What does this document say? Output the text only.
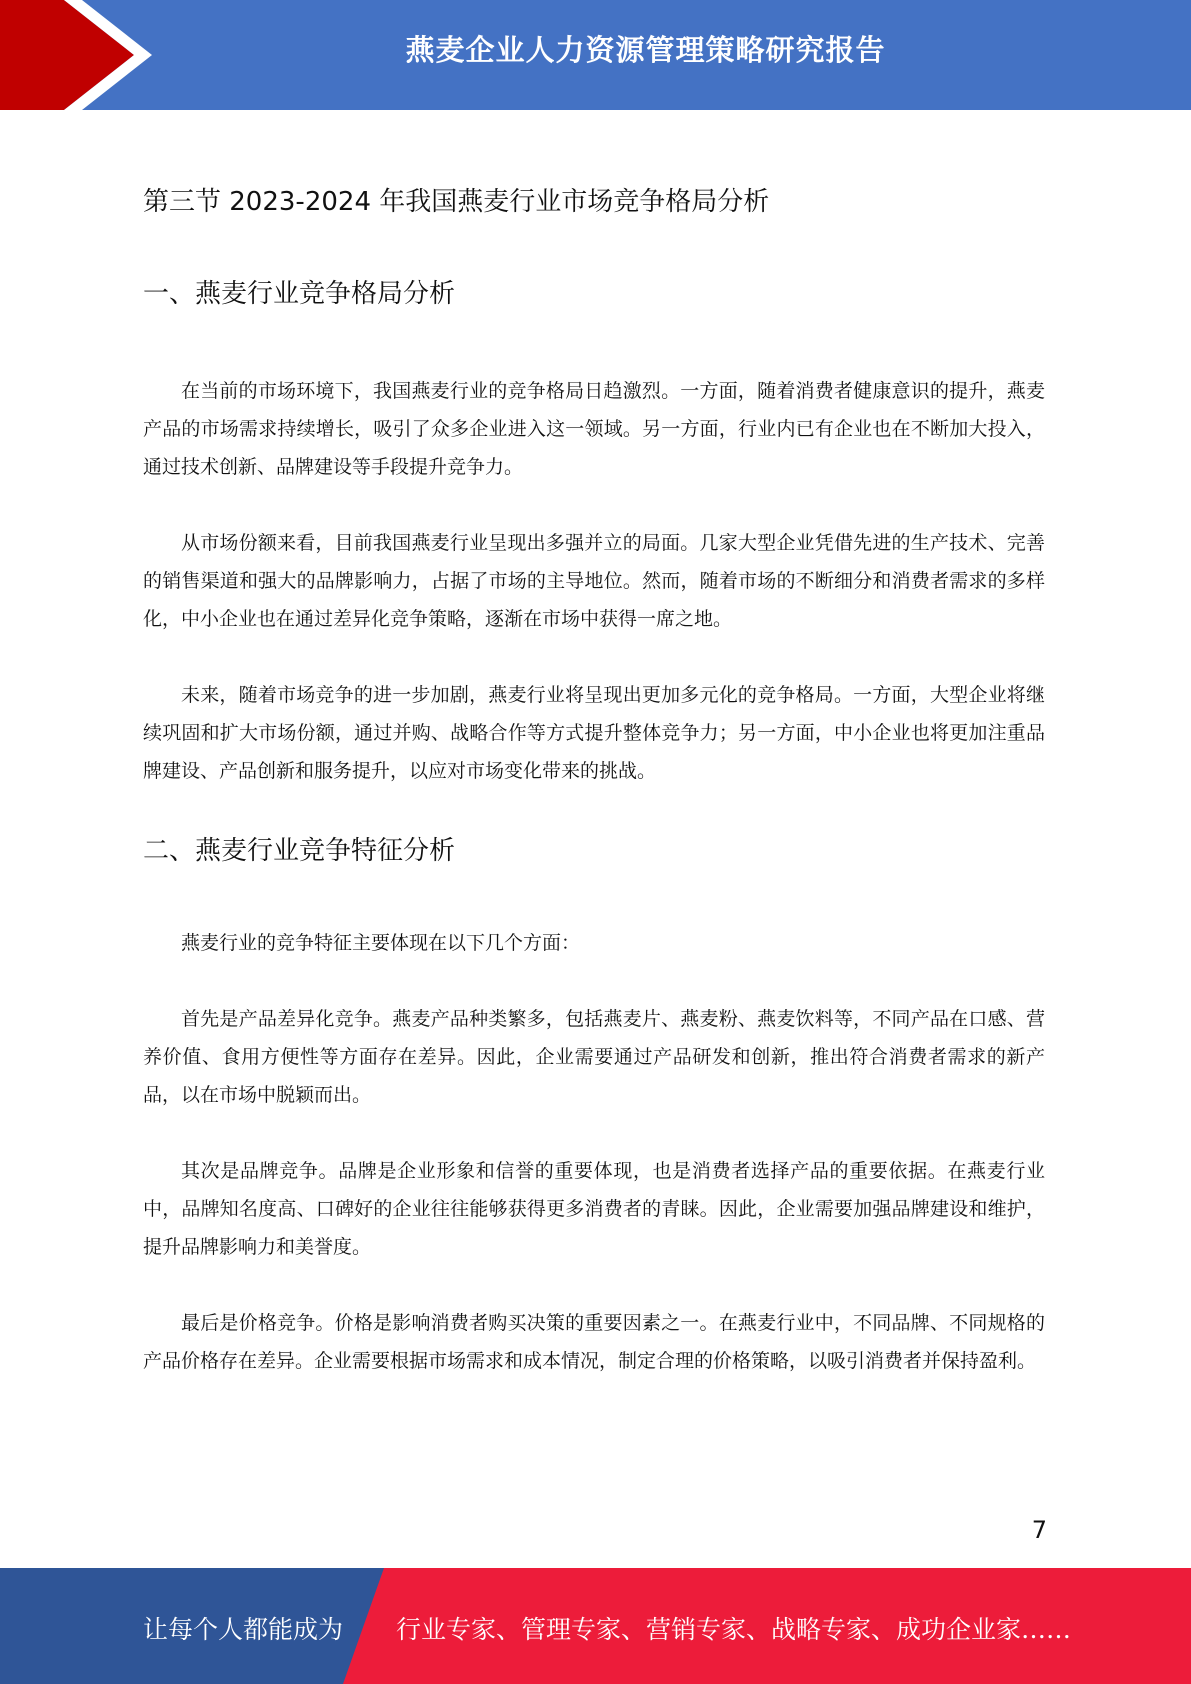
燕麦企业人力资源管理策略研究报告
第三节 2023-2024 年我国燕麦行业市场竞争格局分析
一、燕麦行业竞争格局分析

在当前的市场环境下，我国燕麦行业的竞争格局日趋激烈。一方面，随着消费者健康意识的提升，燕麦产品的市场需求持续增长，吸引了众多企业进入这一领域。另一方面，行业内已有企业也在不断加大投入，通过技术创新、品牌建设等手段提升竞争力。

从市场份额来看，目前我国燕麦行业呈现出多强并立的局面。几家大型企业凭借先进的生产技术、完善的销售渠道和强大的品牌影响力，占据了市场的主导地位。然而，随着市场的不断细分和消费者需求的多样化，中小企业也在通过差异化竞争策略，逐渐在市场中获得一席之地。

未来，随着市场竞争的进一步加剧，燕麦行业将呈现出更加多元化的竞争格局。一方面，大型企业将继续巩固和扩大市场份额，通过并购、战略合作等方式提升整体竞争力；另一方面，中小企业也将更加注重品牌建设、产品创新和服务提升，以应对市场变化带来的挑战。

二、燕麦行业竞争特征分析

燕麦行业的竞争特征主要体现在以下几个方面：

首先是产品差异化竞争。燕麦产品种类繁多，包括燕麦片、燕麦粉、燕麦饮料等，不同产品在口感、营养价值、食用方便性等方面存在差异。因此，企业需要通过产品研发和创新，推出符合消费者需求的新产品，以在市场中脱颖而出。

其次是品牌竞争。品牌是企业形象和信誉的重要体现，也是消费者选择产品的重要依据。在燕麦行业中，品牌知名度高、口碑好的企业往往能够获得更多消费者的青睐。因此，企业需要加强品牌建设和维护，提升品牌影响力和美誉度。

最后是价格竞争。价格是影响消费者购买决策的重要因素之一。在燕麦行业中，不同品牌、不同规格的产品价格存在差异。企业需要根据市场需求和成本情况，制定合理的价格策略，以吸引消费者并保持盈利。

7
让每个人都能成为 行业专家、管理专家、营销专家、战略专家、成功企业家……
